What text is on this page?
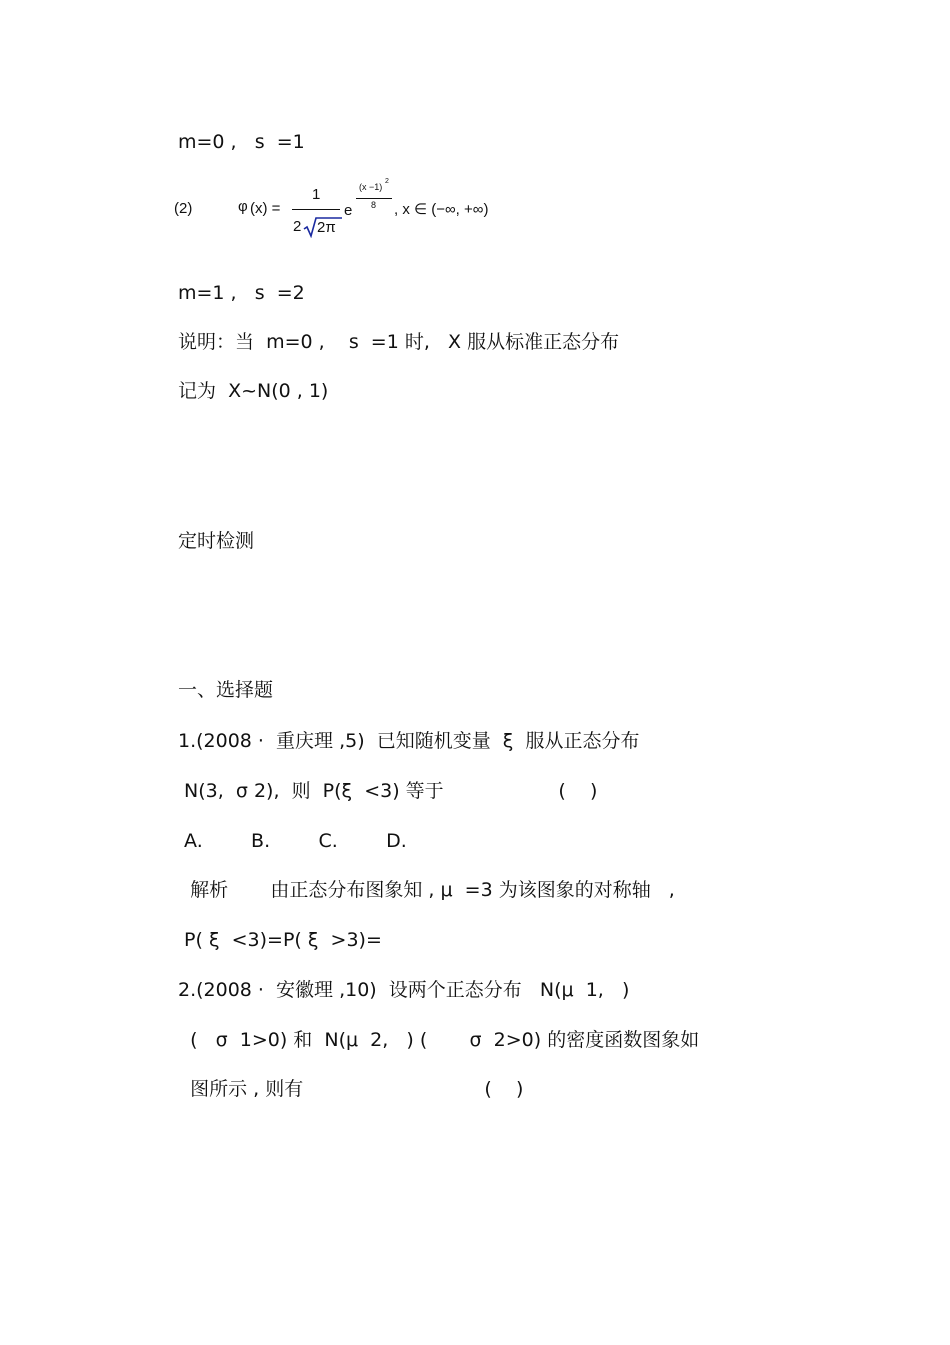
m=0 ,   s  =1
(2)	φ (x) =
1
2 2π
e
(x −1)
2
8 , x ∈ (−∞, +∞)
m=1 ,   s  =2
说明：当  m=0 ,    s  =1 时,   X 服从标准正态分布
记为  X~N(0 , 1)
定时检测
一、选择题
1.(2008 ·  重庆理 ,5)  已知随机变量  ξ  服从正态分布
N(3,  σ 2),  则  P(ξ  <3) 等于                   (    )
A.        B.        C.        D.
解析       由正态分布图象知 , μ  =3 为该图象的对称轴   ,
P( ξ  <3)=P( ξ  >3)=
2.(2008 ·  安徽理 ,10)  设两个正态分布   N(μ  1,   )
(   σ  1>0) 和  N(μ  2,   ) (       σ  2>0) 的密度函数图象如
图所示 , 则有                              (    )
